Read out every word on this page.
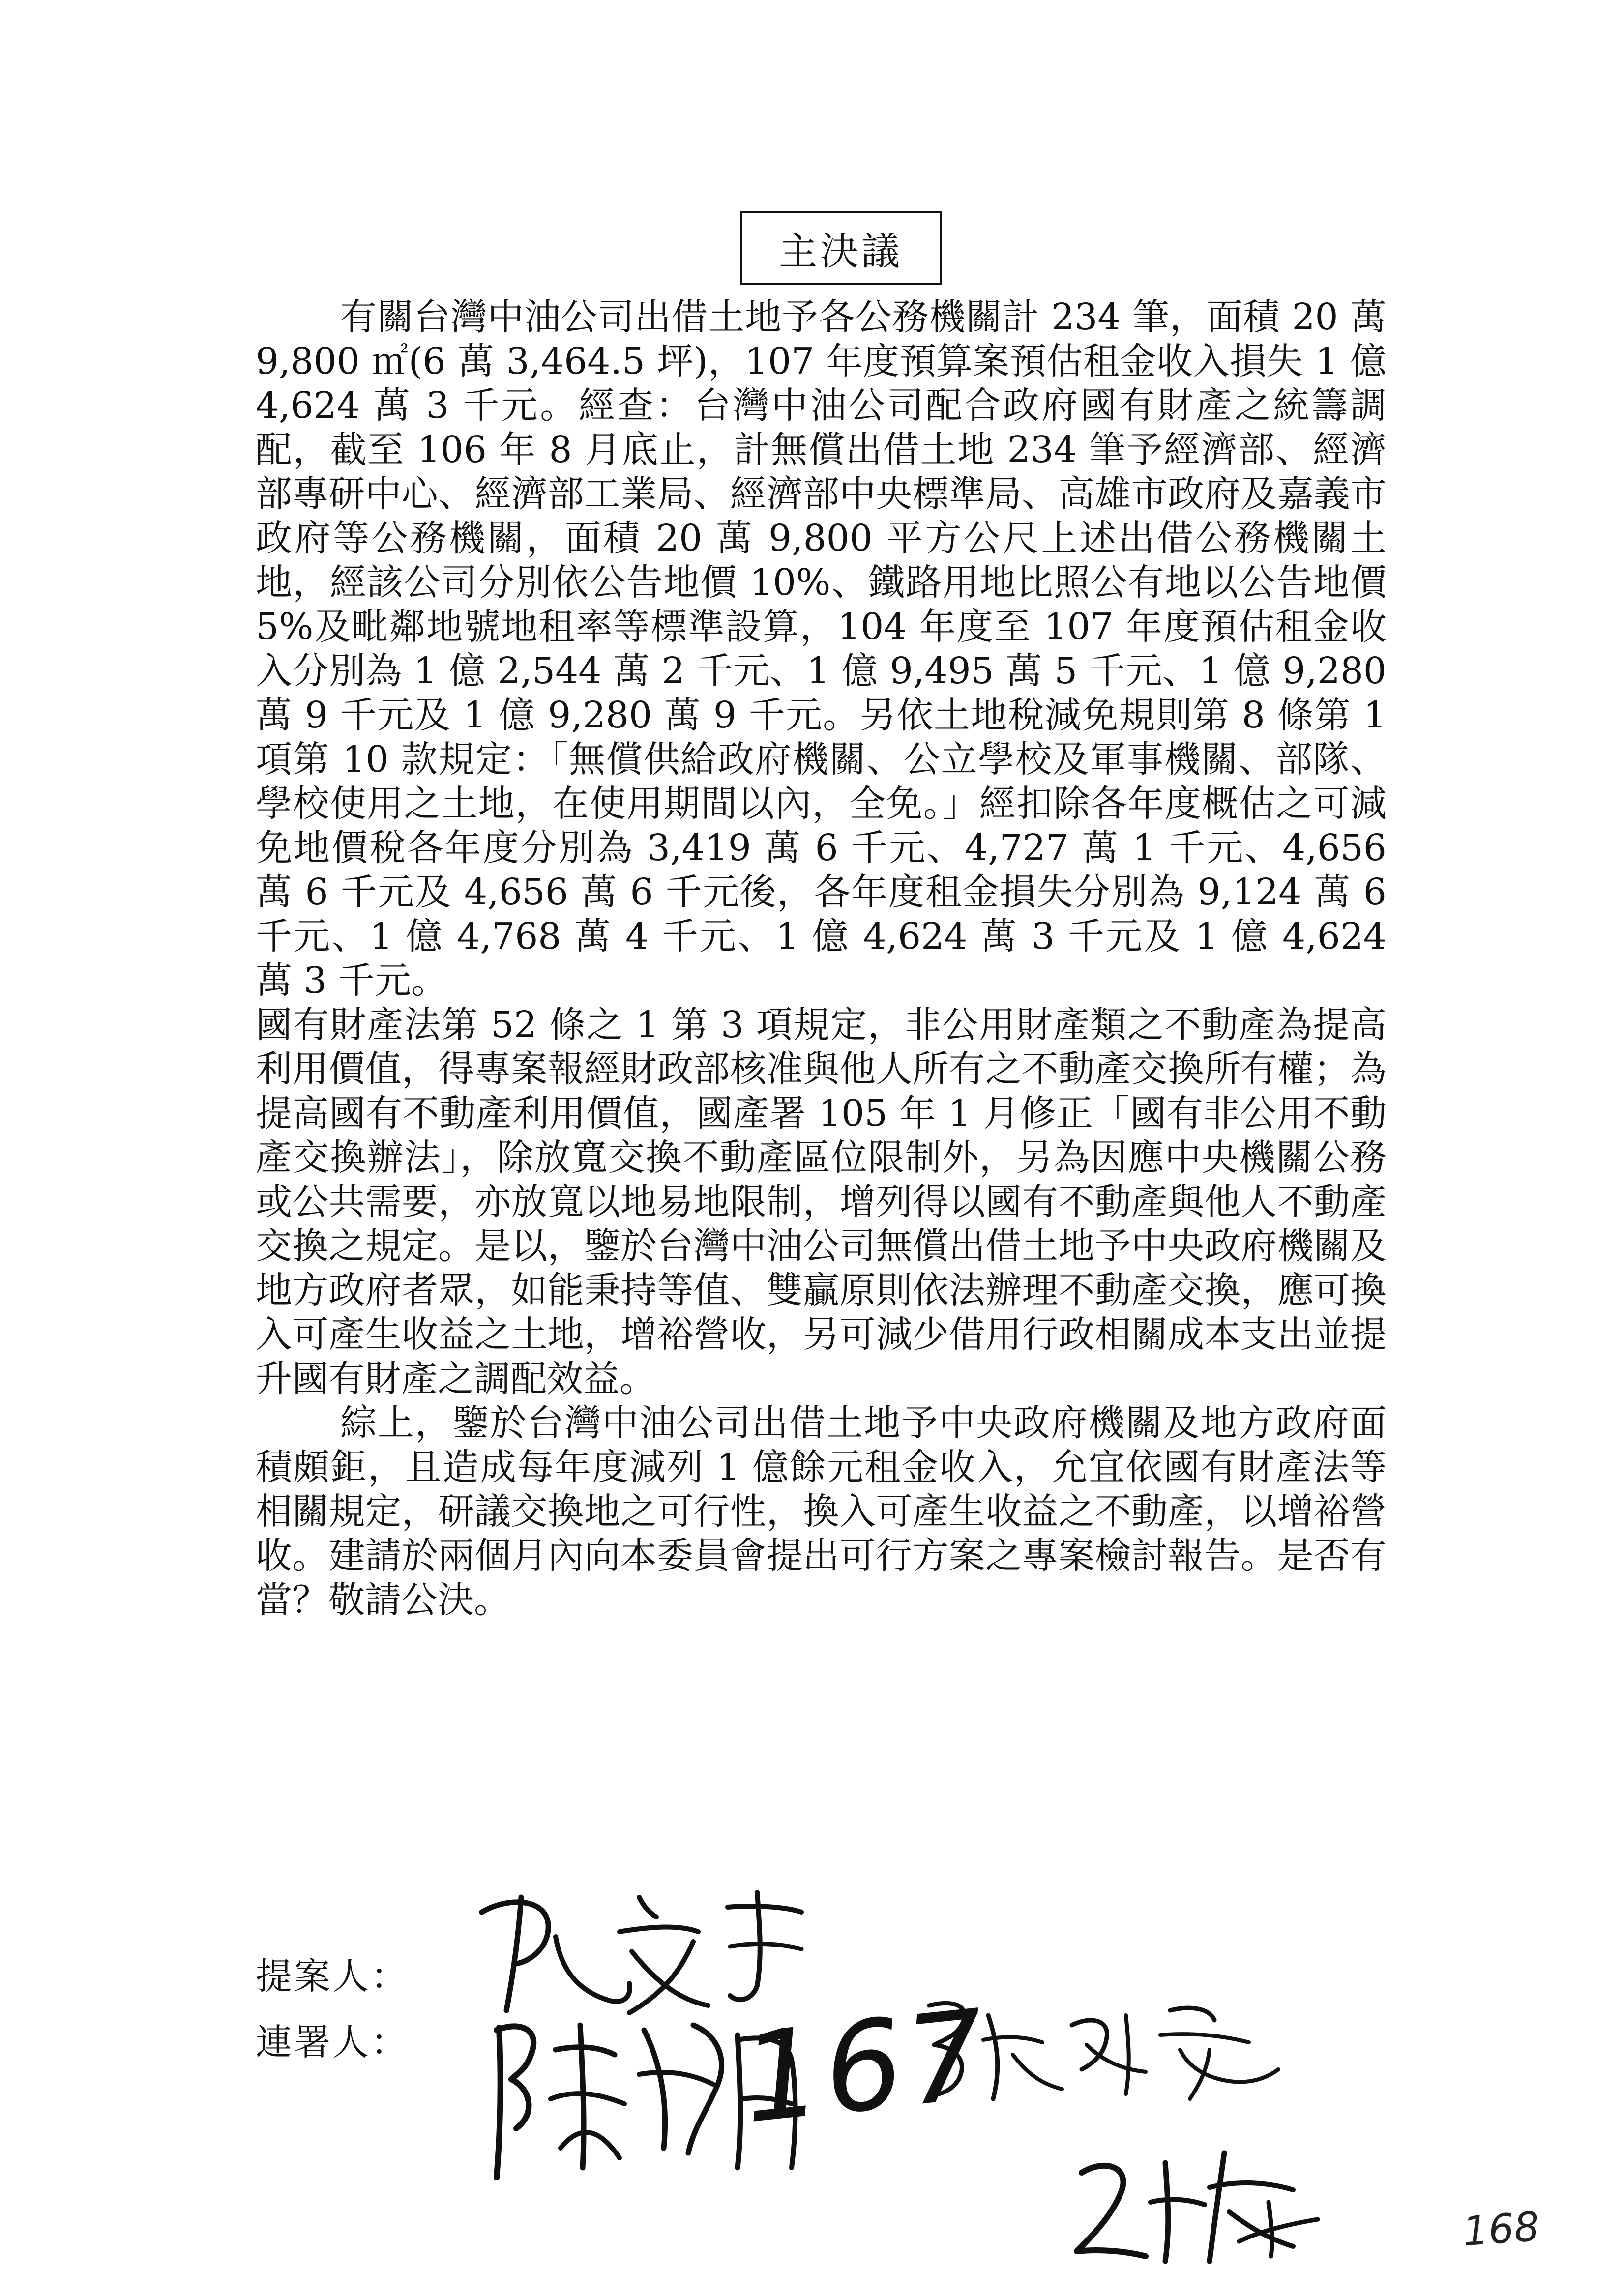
主決議

有關台灣中油公司出借土地予各公務機關計 234 筆，面積 20 萬 9,800 ㎡(6 萬 3,464.5 坪)，107 年度預算案預估租金收入損失 1 億 4,624 萬 3 千元。經查：台灣中油公司配合政府國有財產之統籌調配，截至 106 年 8 月底止，計無償出借土地 234 筆予經濟部、經濟部專研中心、經濟部工業局、經濟部中央標準局、高雄市政府及嘉義市政府等公務機關，面積 20 萬 9,800 平方公尺上述出借公務機關土地，經該公司分別依公告地價 10%、鐵路用地比照公有地以公告地價 5%及毗鄰地號地租率等標準設算，104 年度至 107 年度預估租金收入分別為 1 億 2,544 萬 2 千元、1 億 9,495 萬 5 千元、1 億 9,280 萬 9 千元及 1 億 9,280 萬 9 千元。另依土地稅減免規則第 8 條第 1 項第 10 款規定：「無償供給政府機關、公立學校及軍事機關、部隊、學校使用之土地，在使用期間以內，全免。」經扣除各年度概估之可減免地價稅各年度分別為 3,419 萬 6 千元、4,727 萬 1 千元、4,656 萬 6 千元及 4,656 萬 6 千元後，各年度租金損失分別為 9,124 萬 6 千元、1 億 4,768 萬 4 千元、1 億 4,624 萬 3 千元及 1 億 4,624 萬 3 千元。

國有財產法第 52 條之 1 第 3 項規定，非公用財產類之不動產為提高利用價值，得專案報經財政部核准與他人所有之不動產交換所有權；為提高國有不動產利用價值，國產署 105 年 1 月修正「國有非公用不動產交換辦法」，除放寬交換不動產區位限制外，另為因應中央機關公務或公共需要，亦放寬以地易地限制，增列得以國有不動產與他人不動產交換之規定。是以，鑒於台灣中油公司無償出借土地予中央政府機關及地方政府者眾，如能秉持等值、雙贏原則依法辦理不動產交換，應可換入可產生收益之土地，增裕營收，另可減少借用行政相關成本支出並提升國有財產之調配效益。

綜上，鑒於台灣中油公司出借土地予中央政府機關及地方政府面積頗鉅，且造成每年度減列 1 億餘元租金收入，允宜依國有財產法等相關規定，研議交換地之可行性，換入可產生收益之不動產，以增裕營收。建請於兩個月內向本委員會提出可行方案之專案檢討報告。是否有當？敬請公決。

提案人：
連署人：	167
168
